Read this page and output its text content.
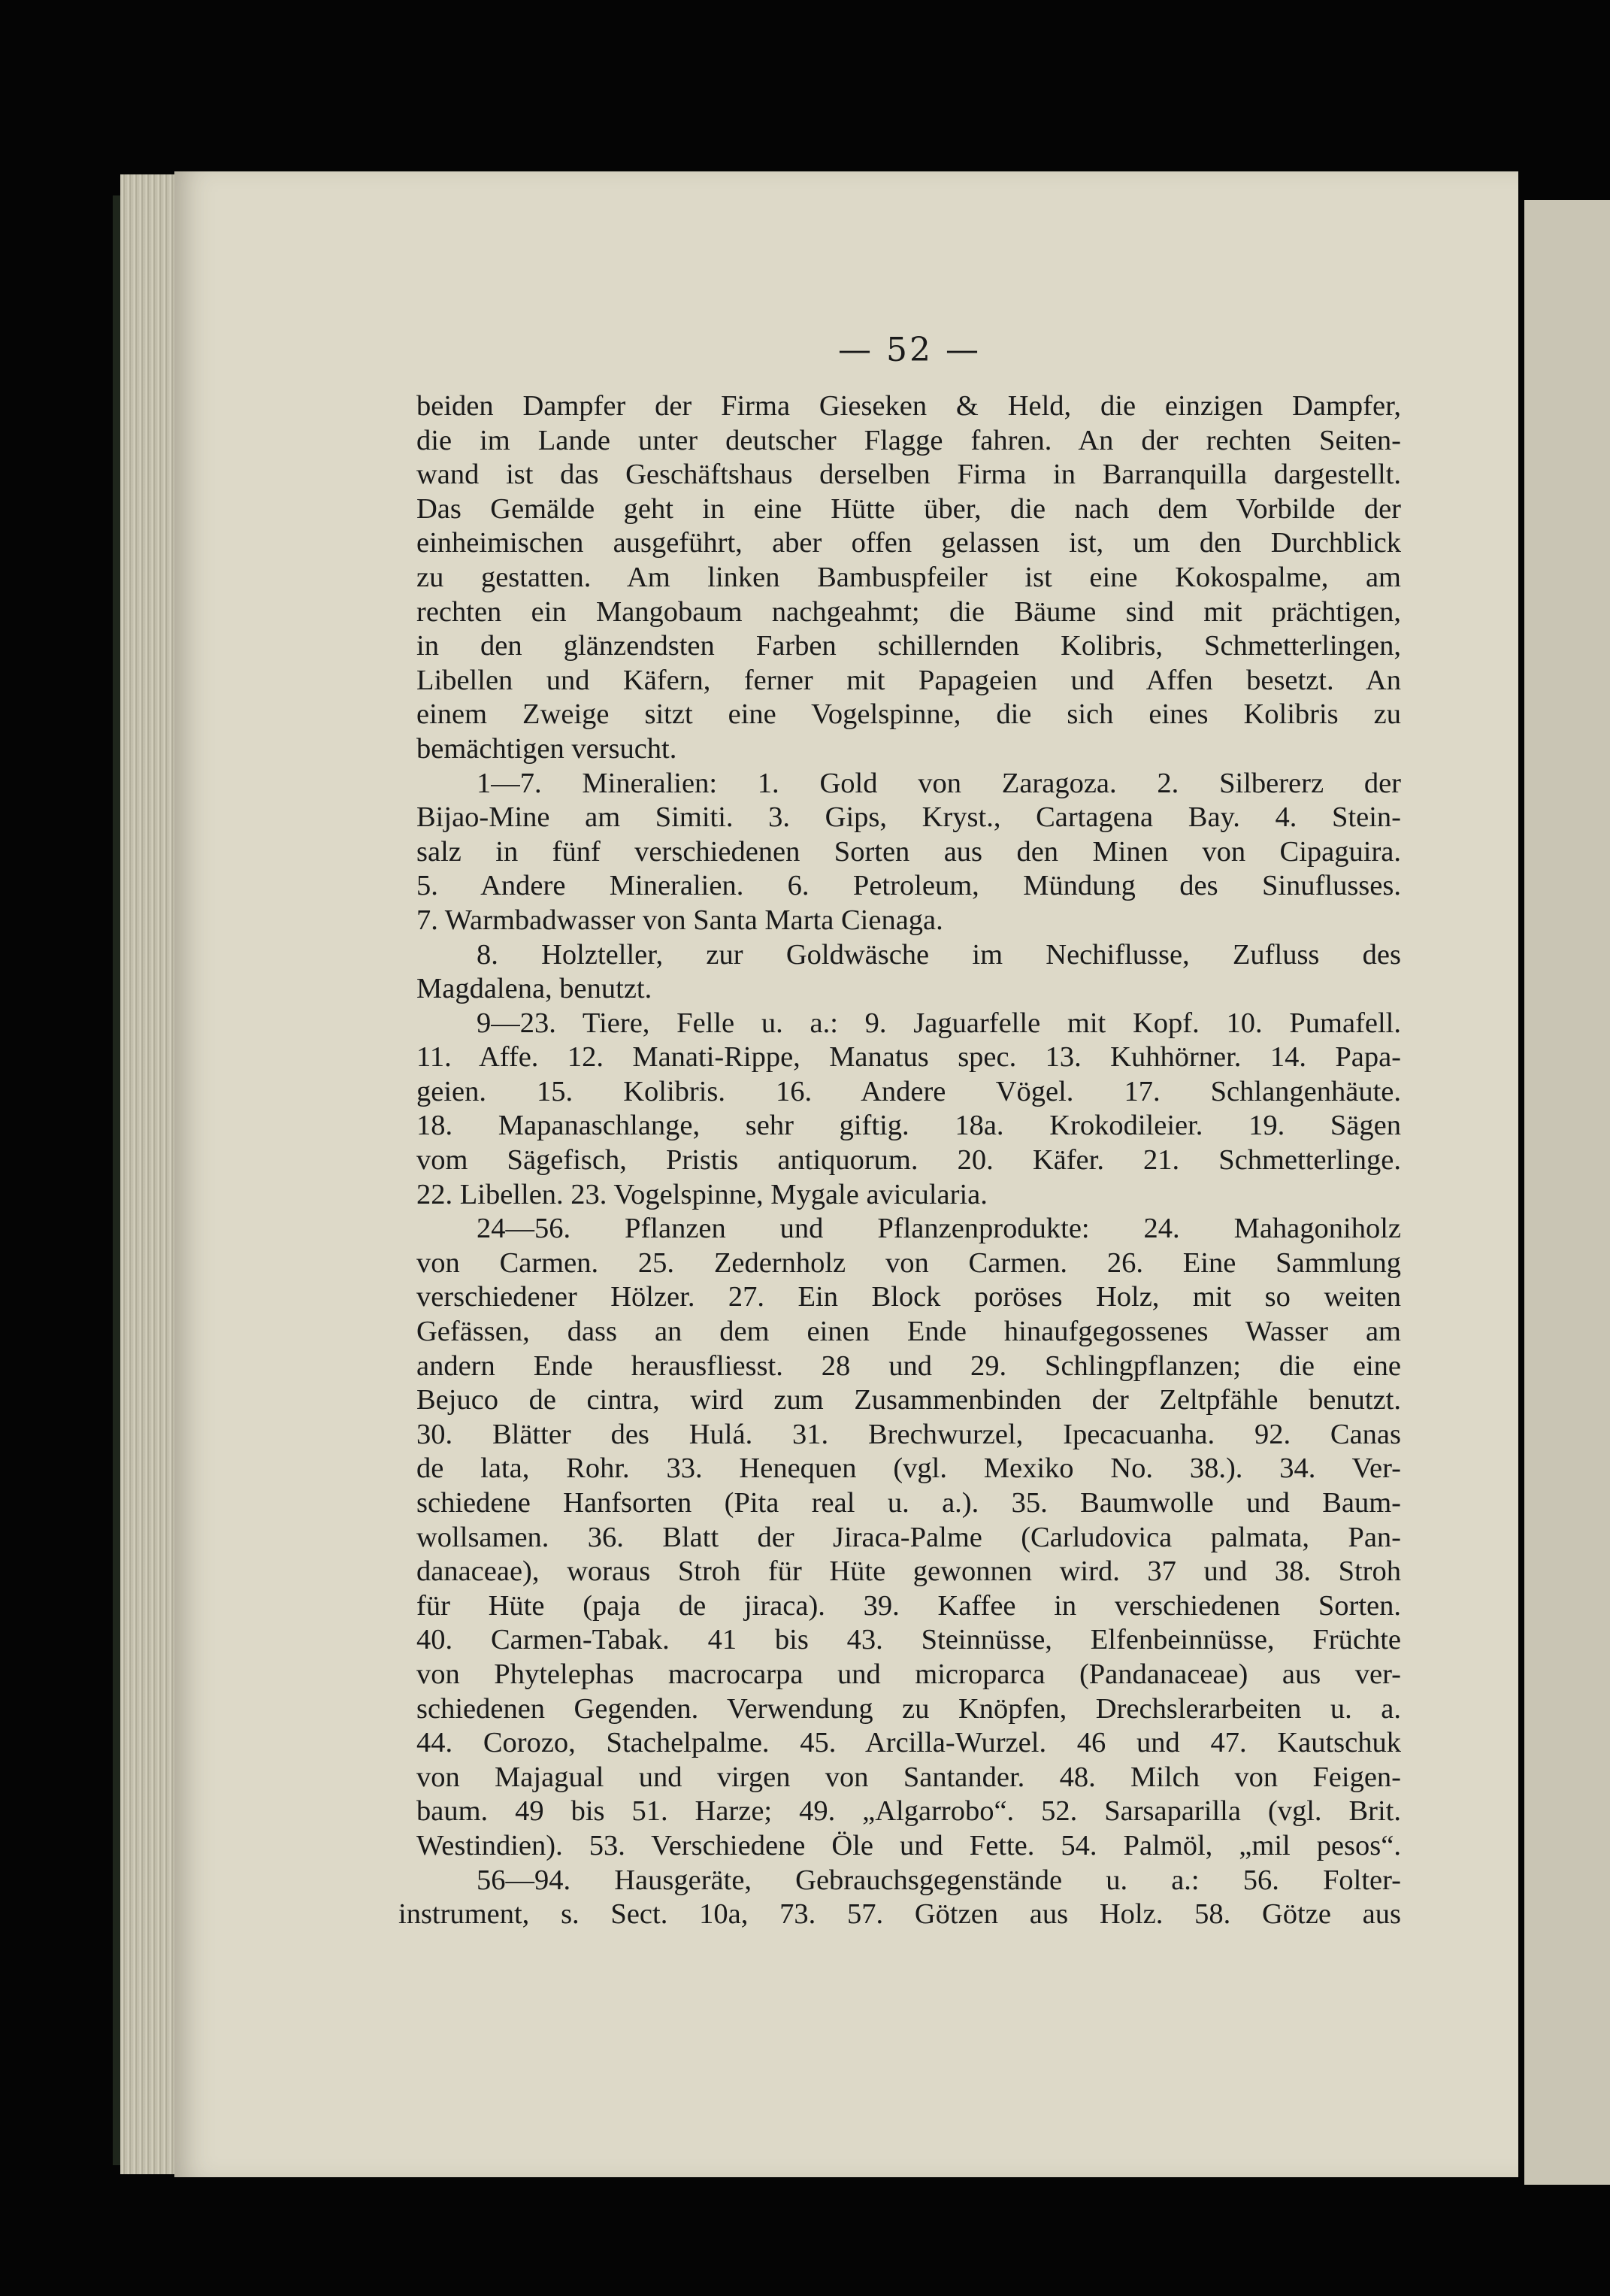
— 52 —
beiden Dampfer der Firma Gieseken & Held, die einzigen Dampfer,
die im Lande unter deutscher Flagge fahren. An der rechten Seiten-
wand ist das Geschäftshaus derselben Firma in Barranquilla dargestellt.
Das Gemälde geht in eine Hütte über, die nach dem Vorbilde der
einheimischen ausgeführt, aber offen gelassen ist, um den Durchblick
zu gestatten. Am linken Bambuspfeiler ist eine Kokospalme, am
rechten ein Mangobaum nachgeahmt; die Bäume sind mit prächtigen,
in den glänzendsten Farben schillernden Kolibris, Schmetterlingen,
Libellen und Käfern, ferner mit Papageien und Affen besetzt. An
einem Zweige sitzt eine Vogelspinne, die sich eines Kolibris zu
bemächtigen versucht.
1—7. Mineralien: 1. Gold von Zaragoza. 2. Silbererz der
Bijao-Mine am Simiti. 3. Gips, Kryst., Cartagena Bay. 4. Stein-
salz in fünf verschiedenen Sorten aus den Minen von Cipaguira.
5. Andere Mineralien. 6. Petroleum, Mündung des Sinuflusses.
7. Warmbadwasser von Santa Marta Cienaga.
8. Holzteller, zur Goldwäsche im Nechiflusse, Zufluss des
Magdalena, benutzt.
9—23. Tiere, Felle u. a.: 9. Jaguarfelle mit Kopf. 10. Pumafell.
11. Affe. 12. Manati-Rippe, Manatus spec. 13. Kuhhörner. 14. Papa-
geien. 15. Kolibris. 16. Andere Vögel. 17. Schlangenhäute.
18. Mapanaschlange, sehr giftig. 18a. Krokodileier. 19. Sägen
vom Sägefisch, Pristis antiquorum. 20. Käfer. 21. Schmetterlinge.
22. Libellen. 23. Vogelspinne, Mygale avicularia.
24—56. Pflanzen und Pflanzenprodukte: 24. Mahagoniholz
von Carmen. 25. Zedernholz von Carmen. 26. Eine Sammlung
verschiedener Hölzer. 27. Ein Block poröses Holz, mit so weiten
Gefässen, dass an dem einen Ende hinaufgegossenes Wasser am
andern Ende herausfliesst. 28 und 29. Schlingpflanzen; die eine
Bejuco de cintra, wird zum Zusammenbinden der Zeltpfähle benutzt.
30. Blätter des Hulá. 31. Brechwurzel, Ipecacuanha. 92. Canas
de lata, Rohr. 33. Henequen (vgl. Mexiko No. 38.). 34. Ver-
schiedene Hanfsorten (Pita real u. a.). 35. Baumwolle und Baum-
wollsamen. 36. Blatt der Jiraca-Palme (Carludovica palmata, Pan-
danaceae), woraus Stroh für Hüte gewonnen wird. 37 und 38. Stroh
für Hüte (paja de jiraca). 39. Kaffee in verschiedenen Sorten.
40. Carmen-Tabak. 41 bis 43. Steinnüsse, Elfenbeinnüsse, Früchte
von Phytelephas macrocarpa und microparca (Pandanaceae) aus ver-
schiedenen Gegenden. Verwendung zu Knöpfen, Drechslerarbeiten u. a.
44. Corozo, Stachelpalme. 45. Arcilla-Wurzel. 46 und 47. Kautschuk
von Majagual und virgen von Santander. 48. Milch von Feigen-
baum. 49 bis 51. Harze; 49. „Algarrobo“. 52. Sarsaparilla (vgl. Brit.
Westindien). 53. Verschiedene Öle und Fette. 54. Palmöl, „mil pesos“.
56—94. Hausgeräte, Gebrauchsgegenstände u. a.: 56. Folter-
instrument, s. Sect. 10a, 73. 57. Götzen aus Holz. 58. Götze aus
